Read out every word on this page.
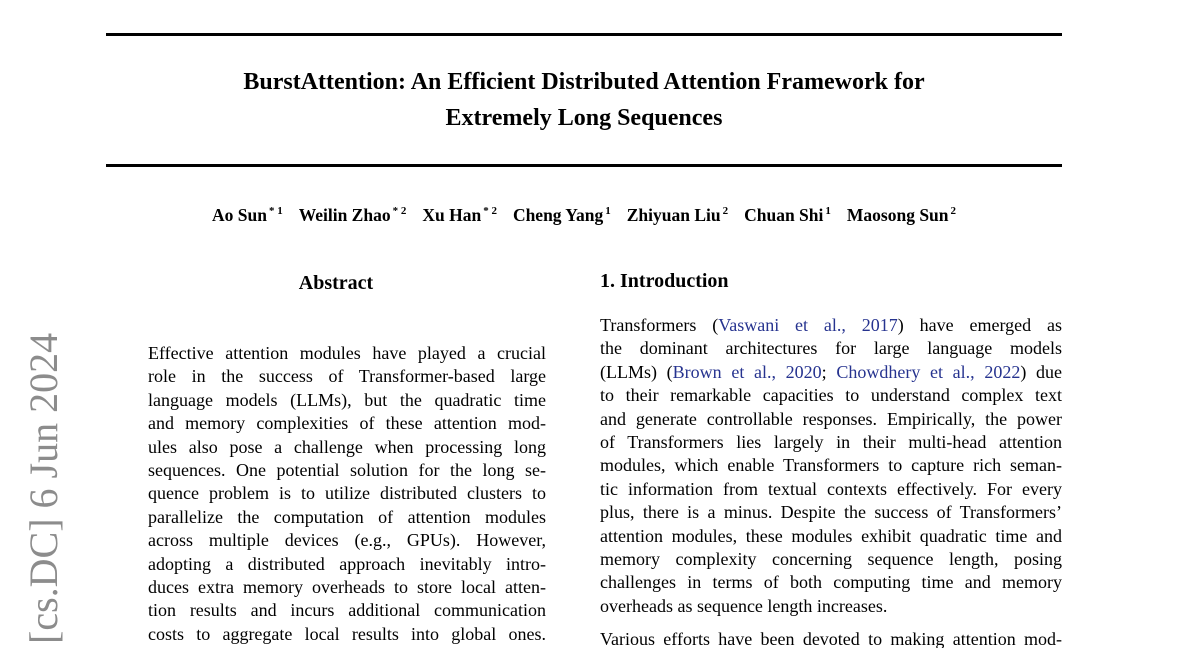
[cs.DC] 6 Jun 2024
BurstAttention: An Efficient Distributed Attention Framework for
Extremely Long Sequences
Ao Sun $^{* 1}$ Weilin Zhao $^{* 2}$ Xu Han $^{* 2}$ Cheng Yang $^1$ Zhiyuan Liu $^2$ Chuan Shi $^1$ Maosong Sun $^2$
Abstract
Effective attention modules have played a crucial
role in the success of Transformer-based large
language models (LLMs), but the quadratic time
and memory complexities of these attention mod-
ules also pose a challenge when processing long
sequences. One potential solution for the long se-
quence problem is to utilize distributed clusters to
parallelize the computation of attention modules
across multiple devices (e.g., GPUs). However,
adopting a distributed approach inevitably intro-
duces extra memory overheads to store local atten-
tion results and incurs additional communication
costs to aggregate local results into global ones.
1. Introduction
Transformers (Vaswani et al., 2017) have emerged as
the dominant architectures for large language models
(LLMs) (Brown et al., 2020; Chowdhery et al., 2022) due
to their remarkable capacities to understand complex text
and generate controllable responses. Empirically, the power
of Transformers lies largely in their multi-head attention
modules, which enable Transformers to capture rich seman-
tic information from textual contexts effectively. For every
plus, there is a minus. Despite the success of Transformers’
attention modules, these modules exhibit quadratic time and
memory complexity concerning sequence length, posing
challenges in terms of both computing time and memory
overheads as sequence length increases.
Various efforts have been devoted to making attention mod-
